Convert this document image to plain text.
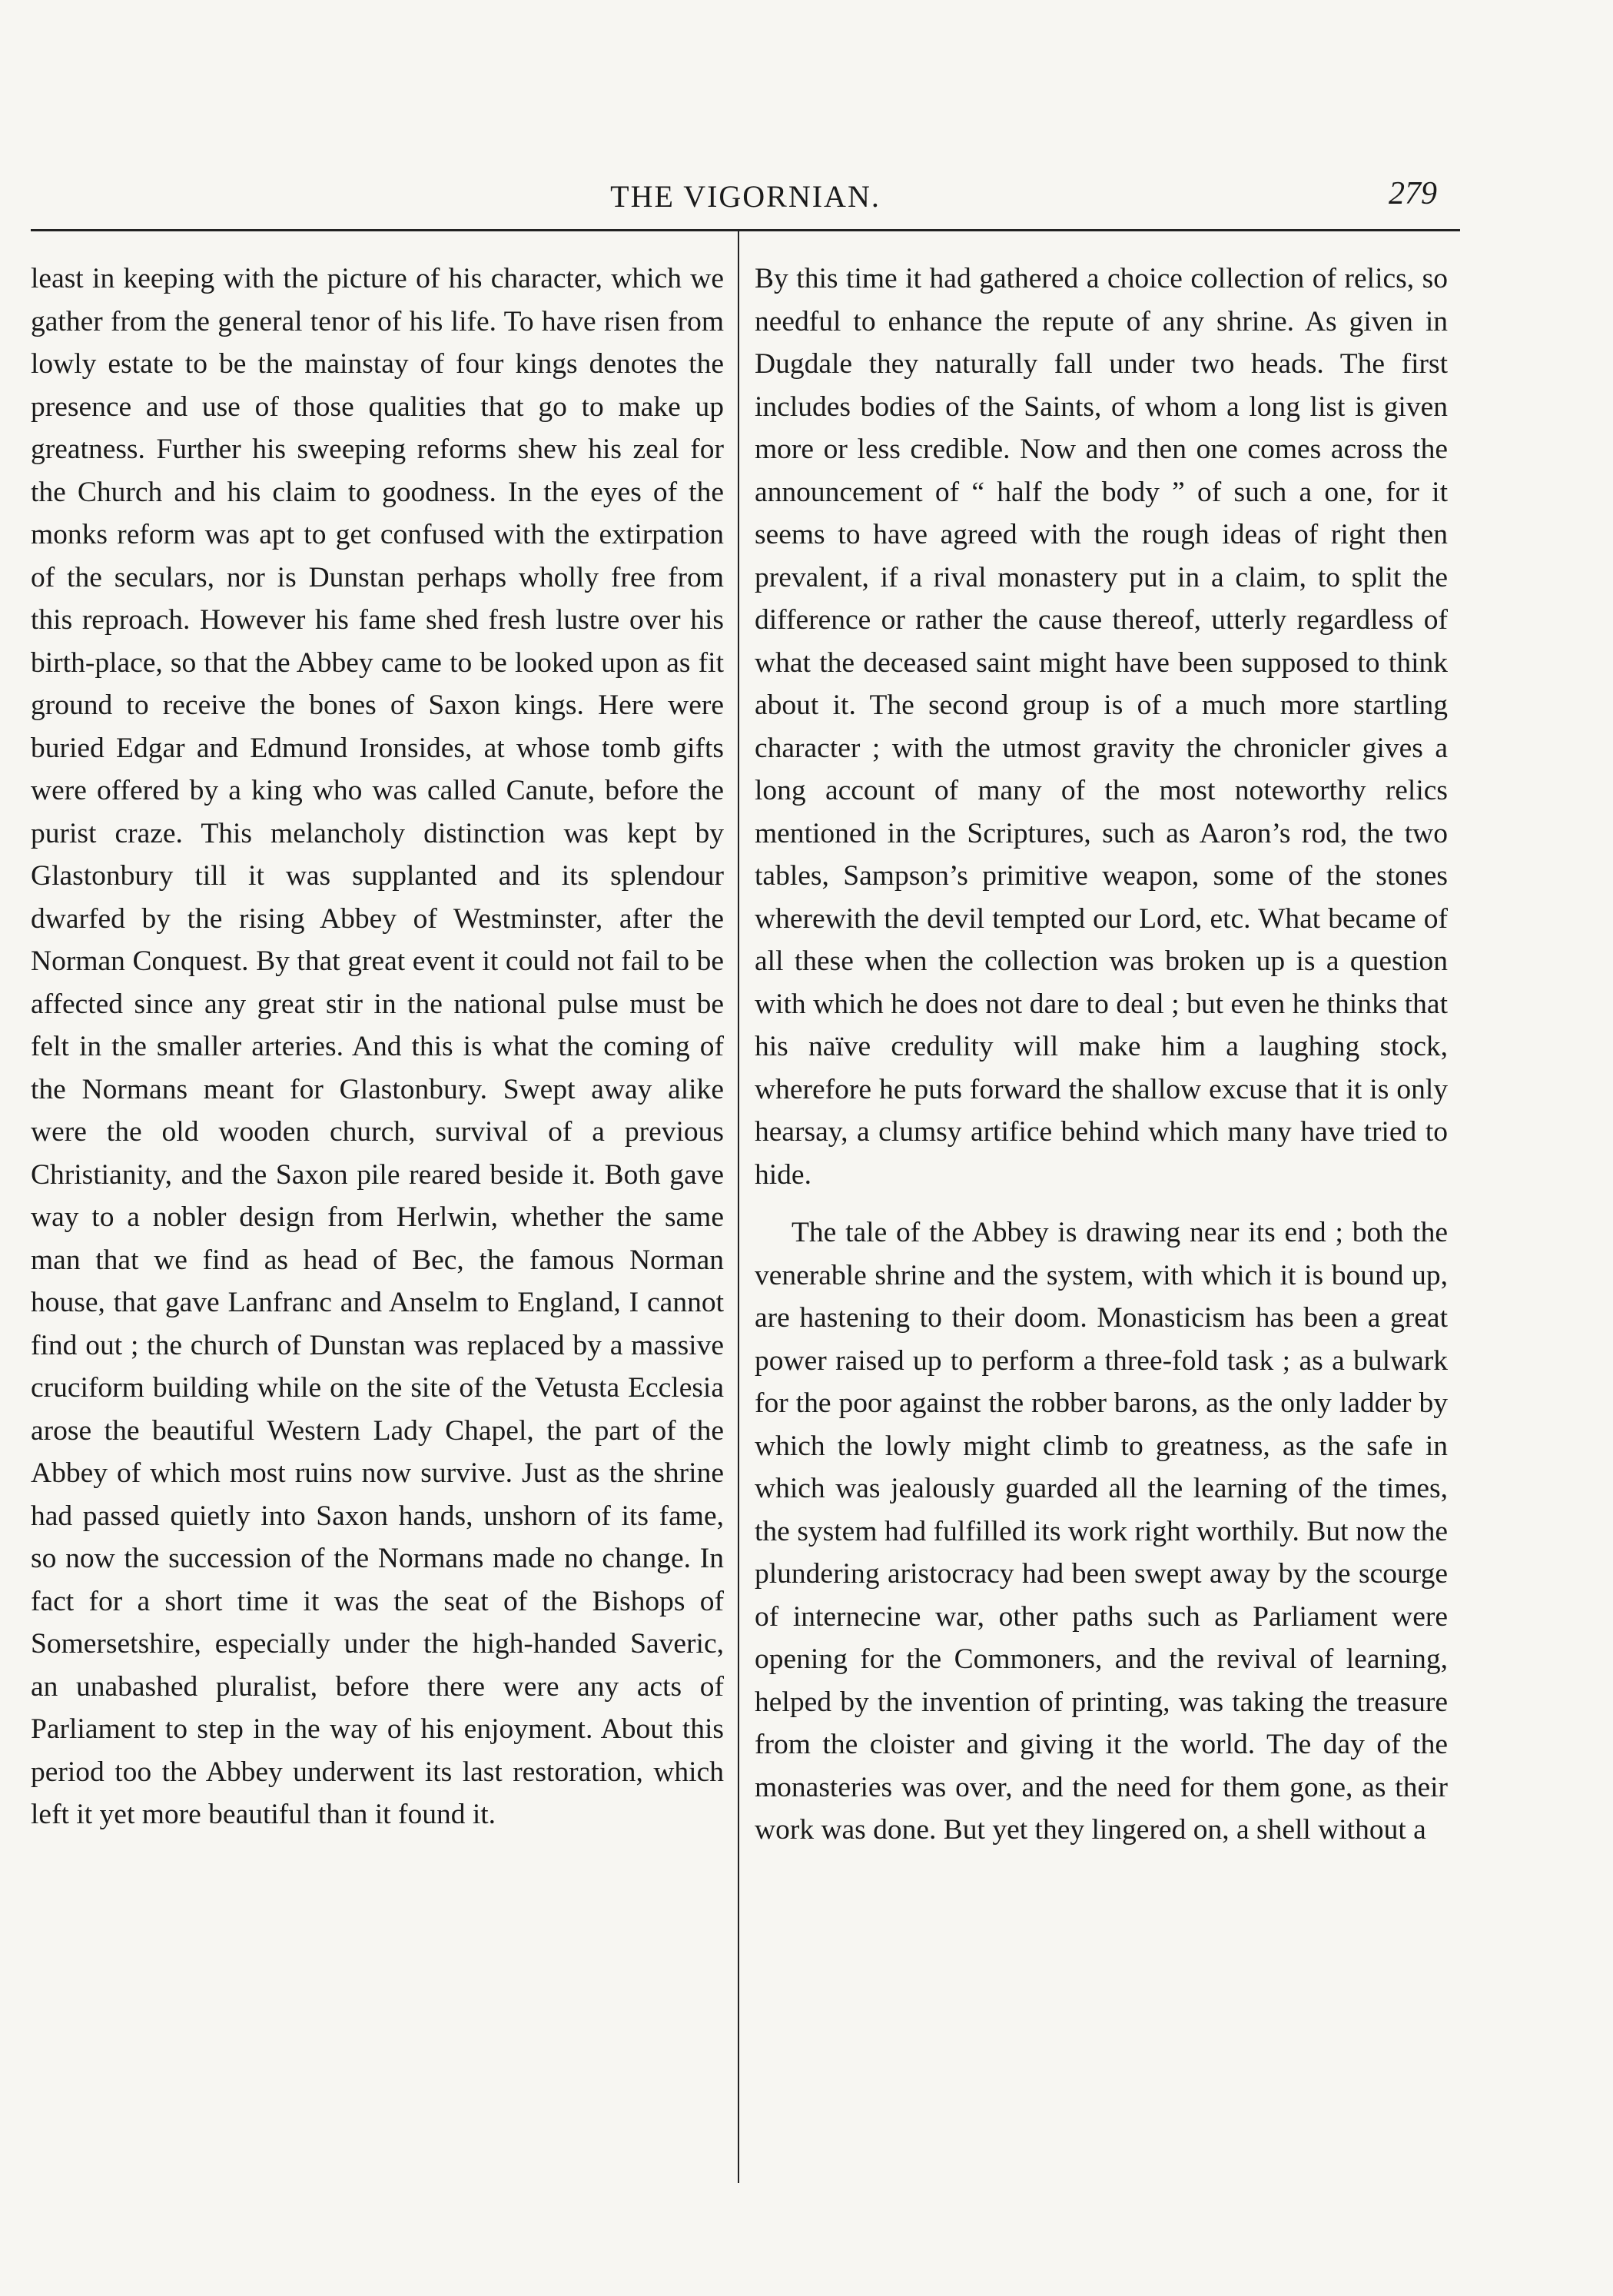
THE VIGORNIAN.	279

least in keeping with the picture of his character, which we gather from the general tenor of his life. To have risen from lowly estate to be the mainstay of four kings denotes the presence and use of those qualities that go to make up greatness. Further his sweeping reforms shew his zeal for the Church and his claim to goodness. In the eyes of the monks reform was apt to get confused with the extirpation of the seculars, nor is Dunstan perhaps wholly free from this reproach. However his fame shed fresh lustre over his birth-place, so that the Abbey came to be looked upon as fit ground to receive the bones of Saxon kings. Here were buried Edgar and Edmund Ironsides, at whose tomb gifts were offered by a king who was called Canute, before the purist craze. This melancholy distinction was kept by Glastonbury till it was supplanted and its splendour dwarfed by the rising Abbey of Westminster, after the Norman Conquest. By that great event it could not fail to be affected since any great stir in the national pulse must be felt in the smaller arteries. And this is what the coming of the Normans meant for Glastonbury. Swept away alike were the old wooden church, survival of a previous Christianity, and the Saxon pile reared beside it. Both gave way to a nobler design from Herlwin, whether the same man that we find as head of Bec, the famous Norman house, that gave Lanfranc and Anselm to England, I cannot find out ; the church of Dunstan was replaced by a massive cruciform building while on the site of the Vetusta Ecclesia arose the beautiful Western Lady Chapel, the part of the Abbey of which most ruins now survive. Just as the shrine had passed quietly into Saxon hands, unshorn of its fame, so now the succession of the Normans made no change. In fact for a short time it was the seat of the Bishops of Somersetshire, especially under the high-handed Saveric, an unabashed pluralist, before there were any acts of Parliament to step in the way of his enjoyment. About this period too the Abbey underwent its last restoration, which left it yet more beautiful than it found it.

By this time it had gathered a choice collection of relics, so needful to enhance the repute of any shrine. As given in Dugdale they naturally fall under two heads. The first includes bodies of the Saints, of whom a long list is given more or less credible. Now and then one comes across the announcement of “ half the body ” of such a one, for it seems to have agreed with the rough ideas of right then prevalent, if a rival monastery put in a claim, to split the difference or rather the cause thereof, utterly regardless of what the deceased saint might have been supposed to think about it. The second group is of a much more startling character ; with the utmost gravity the chronicler gives a long account of many of the most noteworthy relics mentioned in the Scriptures, such as Aaron’s rod, the two tables, Sampson’s primitive weapon, some of the stones wherewith the devil tempted our Lord, etc. What became of all these when the collection was broken up is a question with which he does not dare to deal ; but even he thinks that his naïve credulity will make him a laughing stock, wherefore he puts forward the shallow excuse that it is only hearsay, a clumsy artifice behind which many have tried to hide.

The tale of the Abbey is drawing near its end ; both the venerable shrine and the system, with which it is bound up, are hastening to their doom. Monasticism has been a great power raised up to perform a three-fold task ; as a bulwark for the poor against the robber barons, as the only ladder by which the lowly might climb to greatness, as the safe in which was jealously guarded all the learning of the times, the system had fulfilled its work right worthily. But now the plundering aristocracy had been swept away by the scourge of internecine war, other paths such as Parliament were opening for the Commoners, and the revival of learning, helped by the invention of printing, was taking the treasure from the cloister and giving it the world. The day of the monasteries was over, and the need for them gone, as their work was done. But yet they lingered on, a shell without a
